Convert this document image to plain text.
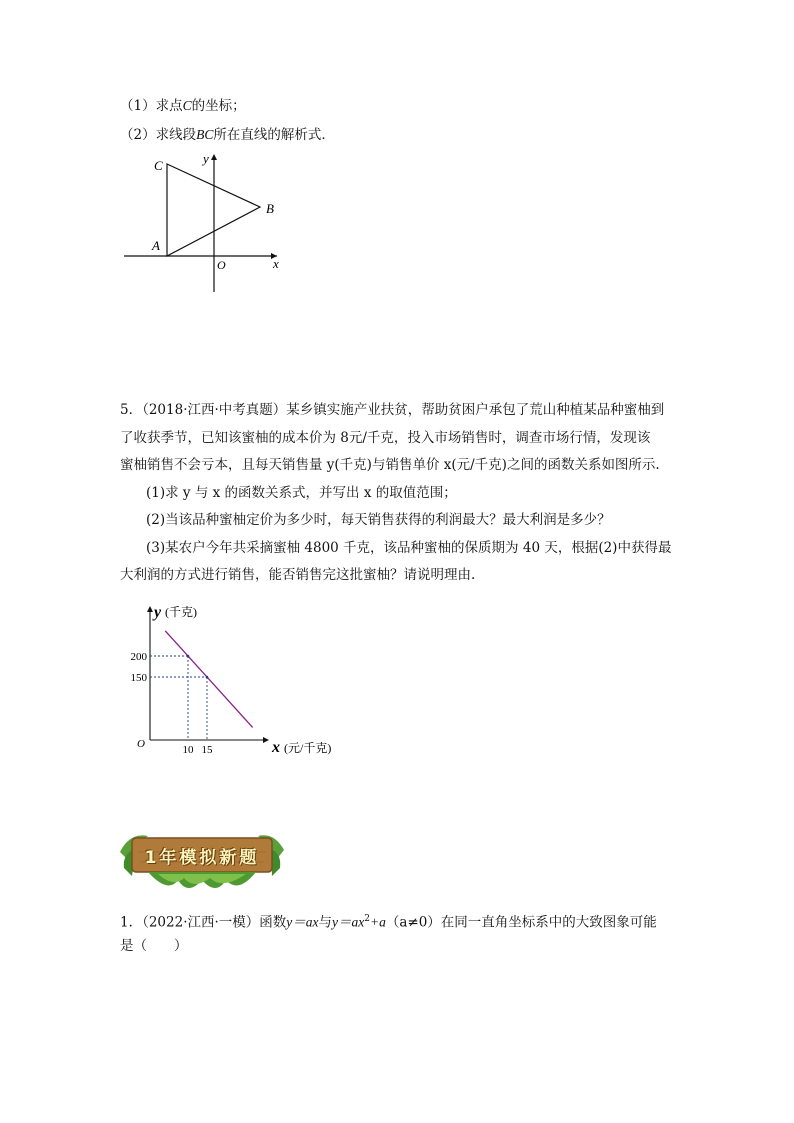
（1）求点C的坐标；
（2）求线段BC所在直线的解析式．
C
B
A
O	x
y
5．（2018·江西·中考真题）某乡镇实施产业扶贫，帮助贫困户承包了荒山种植某品种蜜柚到
了收获季节，已知该蜜柚的成本价为 8元/千克，投入市场销售时，调查市场行情，发现该
蜜柚销售不会亏本，且每天销售量 y(千克)与销售单价 x(元/千克)之间的函数关系如图所示.
(1)求 y 与 x 的函数关系式，并写出 x 的取值范围；
(2)当该品种蜜柚定价为多少时，每天销售获得的利润最大？最大利润是多少？
(3)某农户今年共采摘蜜柚 4800 千克，该品种蜜柚的保质期为 40 天，根据(2)中获得最
大利润的方式进行销售，能否销售完这批蜜柚？请说明理由.
y (千克)
x (元/千克)
O	10 15
200
150
1年模拟新题
1．（2022·江西·一模）函数y＝ax与$y=ax^2+a(a\ne 0)$在同一直角坐标系中的大致图象可能
是（　　）
